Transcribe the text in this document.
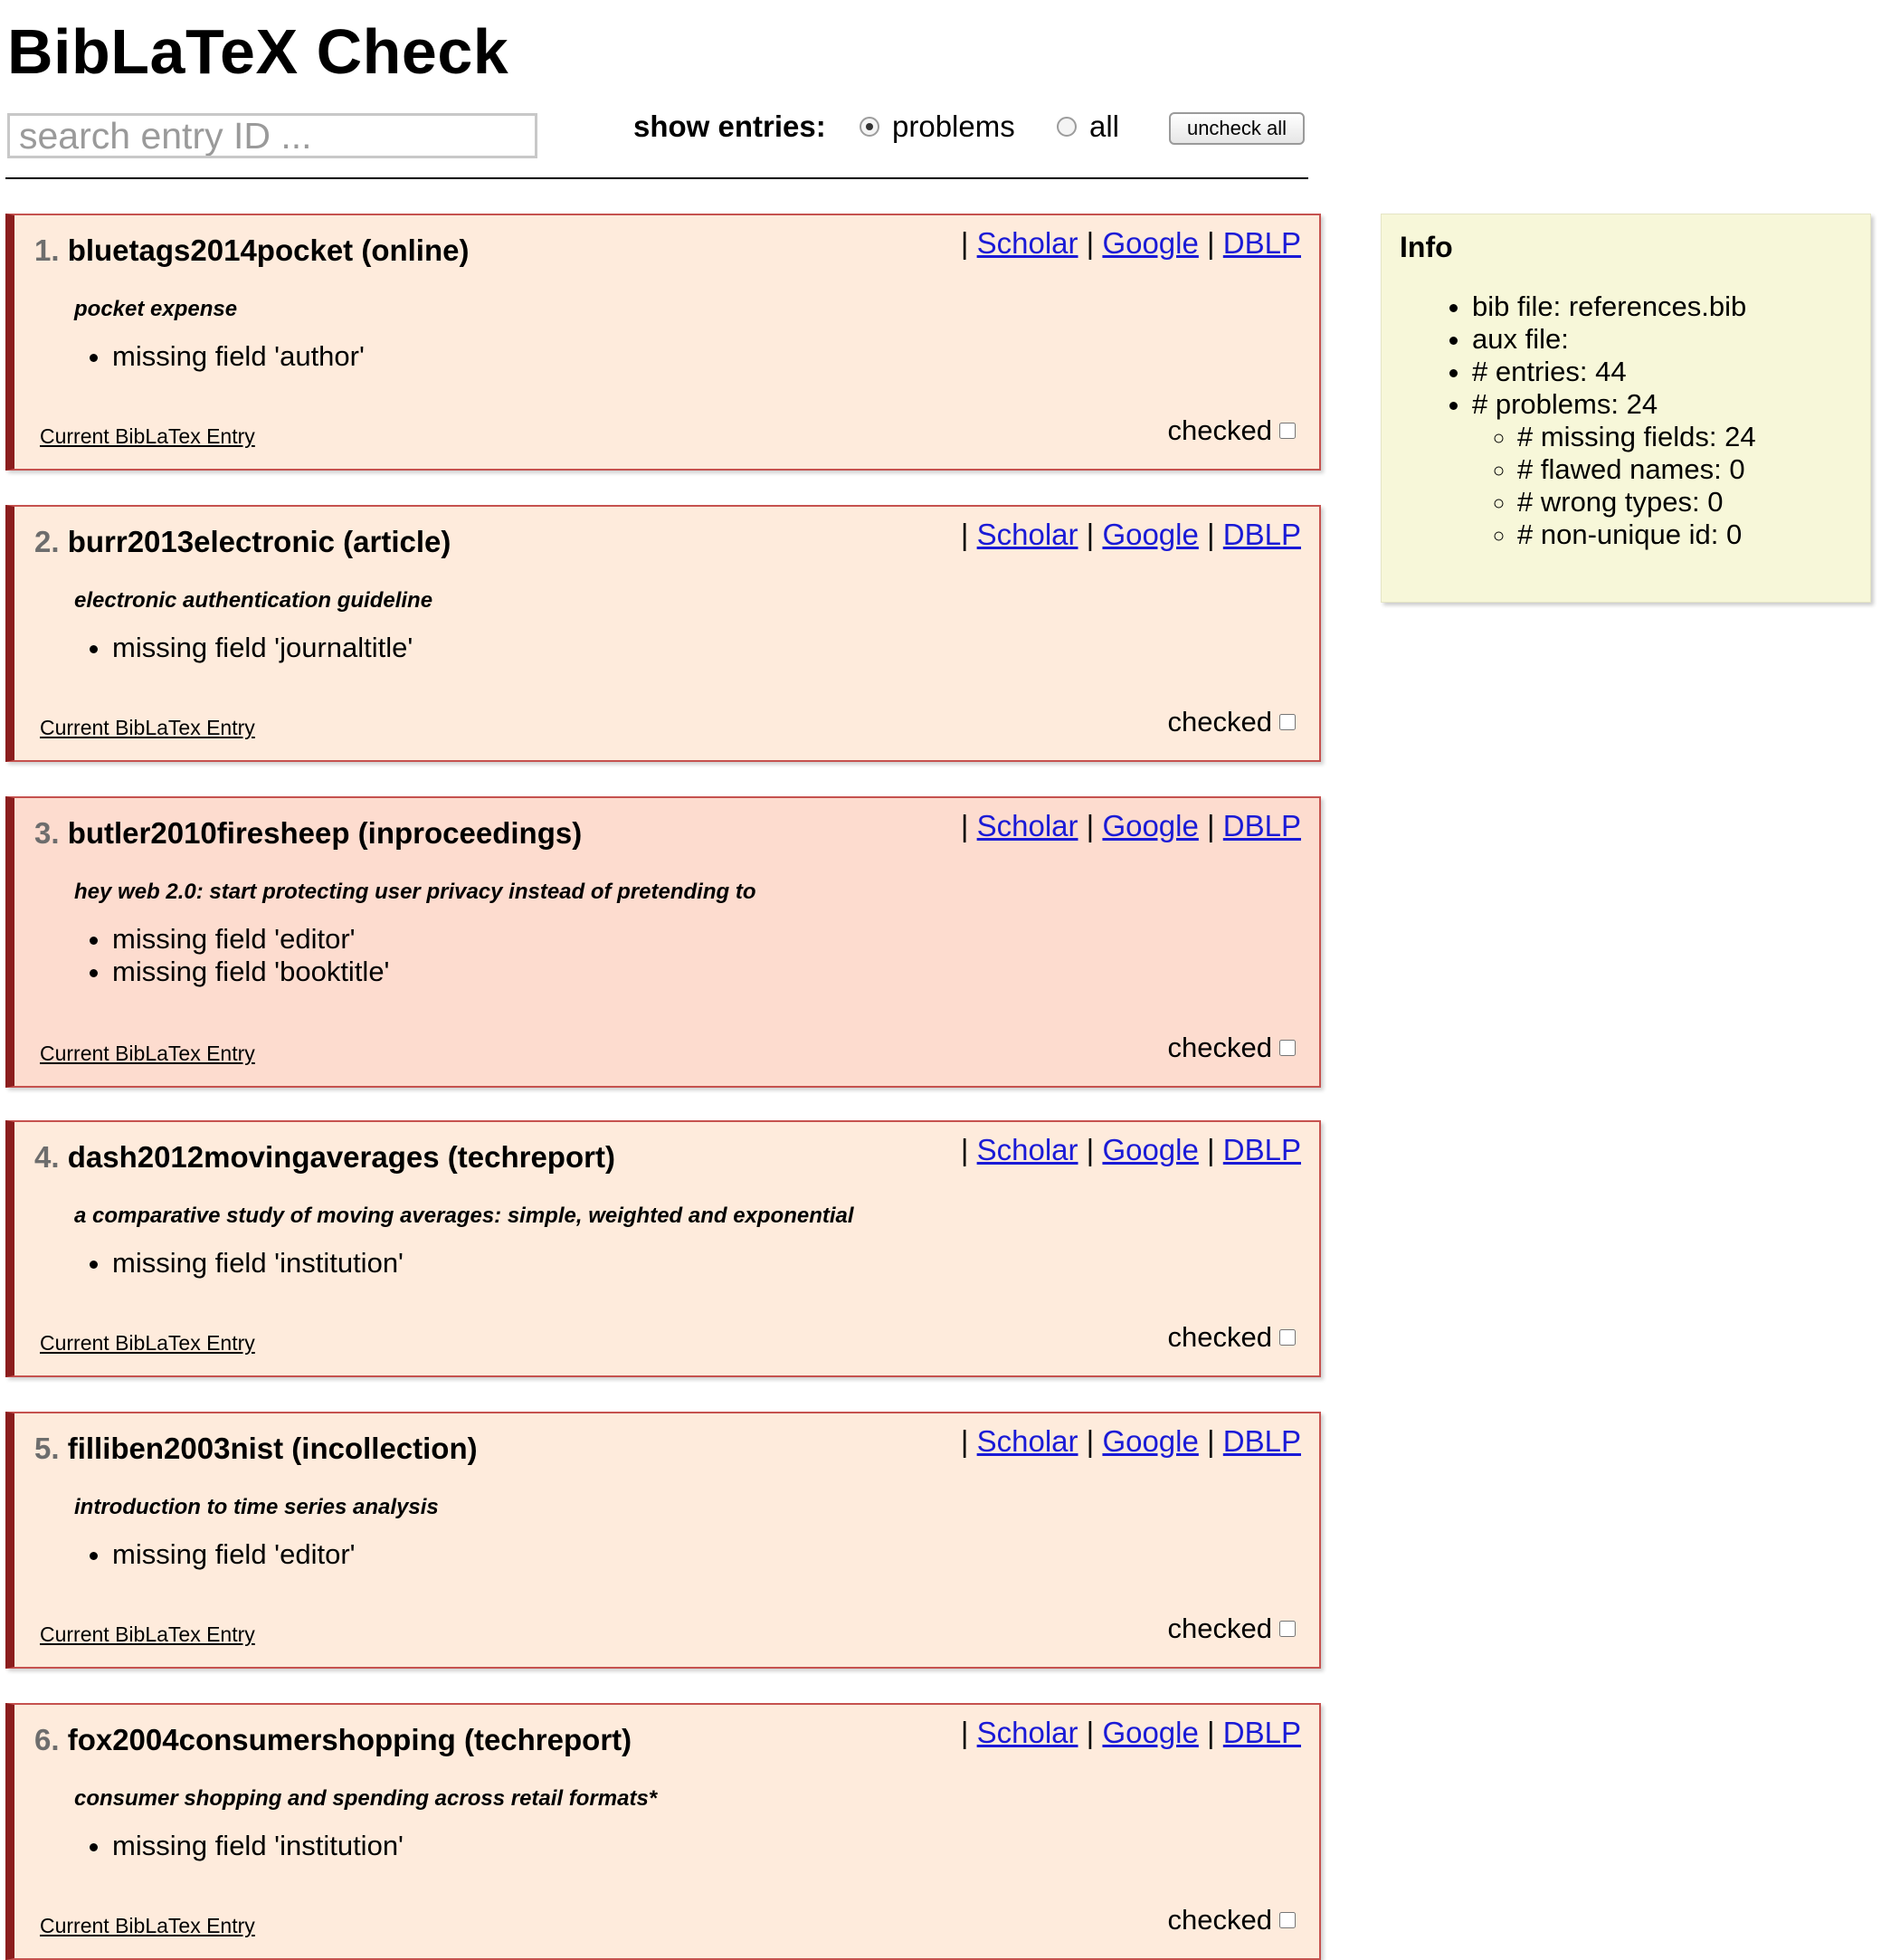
BibLaTeX Check
search entry ID ...
show entries: problems all	uncheck all
1. bluetags2014pocket (online)	| Scholar | Google | DBLP
pocket expense
• missing field 'author'
Current BibLaTex Entry	checked
2. burr2013electronic (article)	| Scholar | Google | DBLP
electronic authentication guideline
• missing field 'journaltitle'
Current BibLaTex Entry	checked
3. butler2010firesheep (inproceedings)	| Scholar | Google | DBLP
hey web 2.0: start protecting user privacy instead of pretending to
• missing field 'editor'
• missing field 'booktitle'
Current BibLaTex Entry	checked
4. dash2012movingaverages (techreport)	| Scholar | Google | DBLP
a comparative study of moving averages: simple, weighted and exponential
• missing field 'institution'
Current BibLaTex Entry	checked
5. filliben2003nist (incollection)	| Scholar | Google | DBLP
introduction to time series analysis
• missing field 'editor'
Current BibLaTex Entry	checked
6. fox2004consumershopping (techreport)	| Scholar | Google | DBLP
consumer shopping and spending across retail formats*
• missing field 'institution'
Current BibLaTex Entry	checked
Info
• bib file: references.bib
• aux file:
• # entries: 44
• # problems: 24
◦ # missing fields: 24
◦ # flawed names: 0
◦ # wrong types: 0
◦ # non-unique id: 0
